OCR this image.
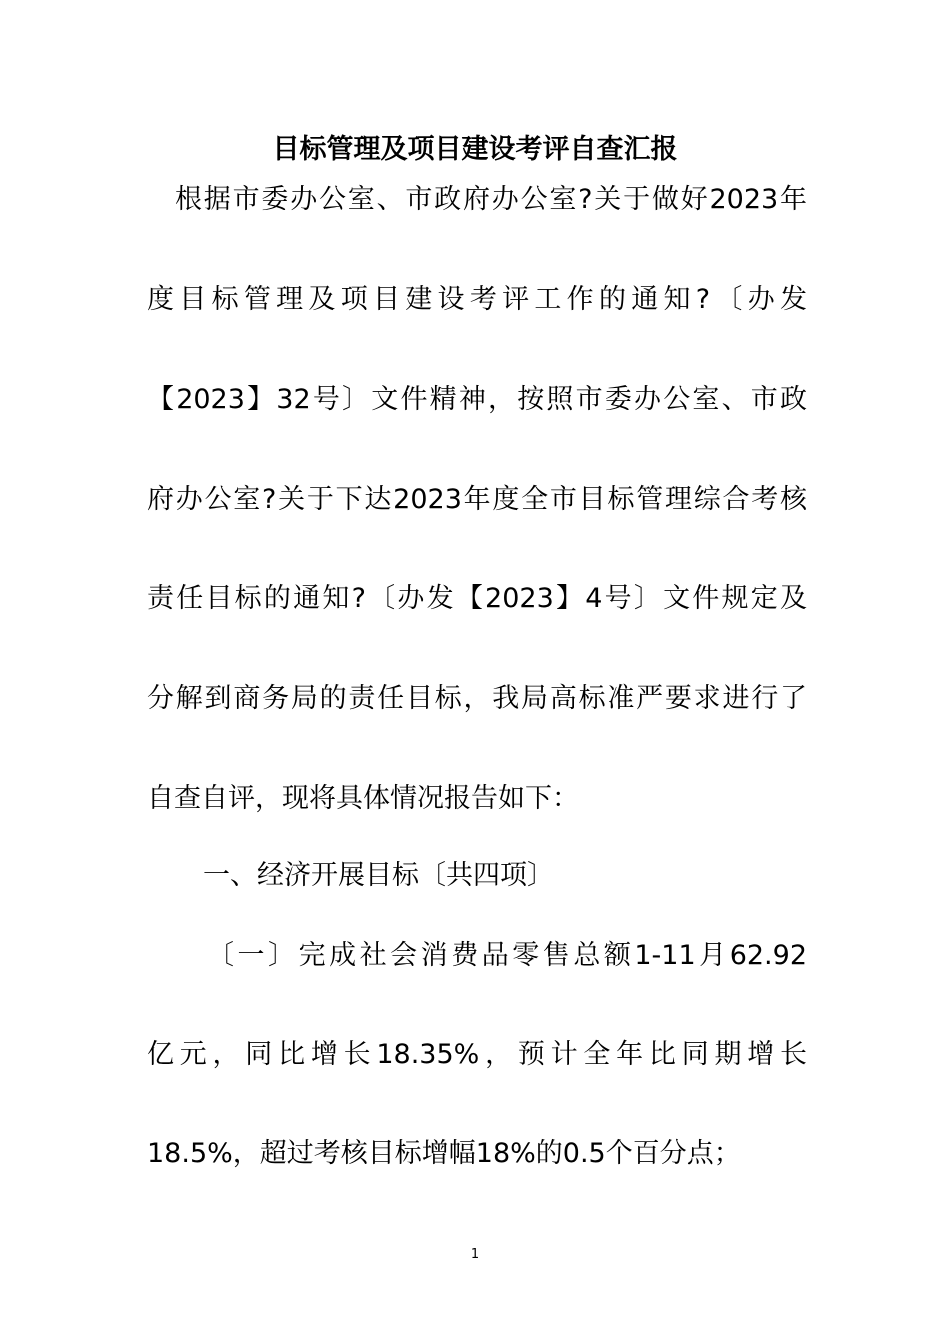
目标管理及项目建设考评自查汇报
根据市委办公室、市政府办公室?关于做好2023年
度目标管理及项目建设考评工作的通知?〔办发
【2023】32号〕文件精神，按照市委办公室、市政
府办公室?关于下达2023年度全市目标管理综合考核
责任目标的通知?〔办发【2023】4号〕文件规定及
分解到商务局的责任目标，我局高标准严要求进行了
自查自评，现将具体情况报告如下：
一、经济开展目标〔共四项〕
〔一〕完成社会消费品零售总额1-11月62.92
亿元，同比增长18.35%，预计全年比同期增长
18.5%，超过考核目标增幅18%的0.5个百分点；
1
